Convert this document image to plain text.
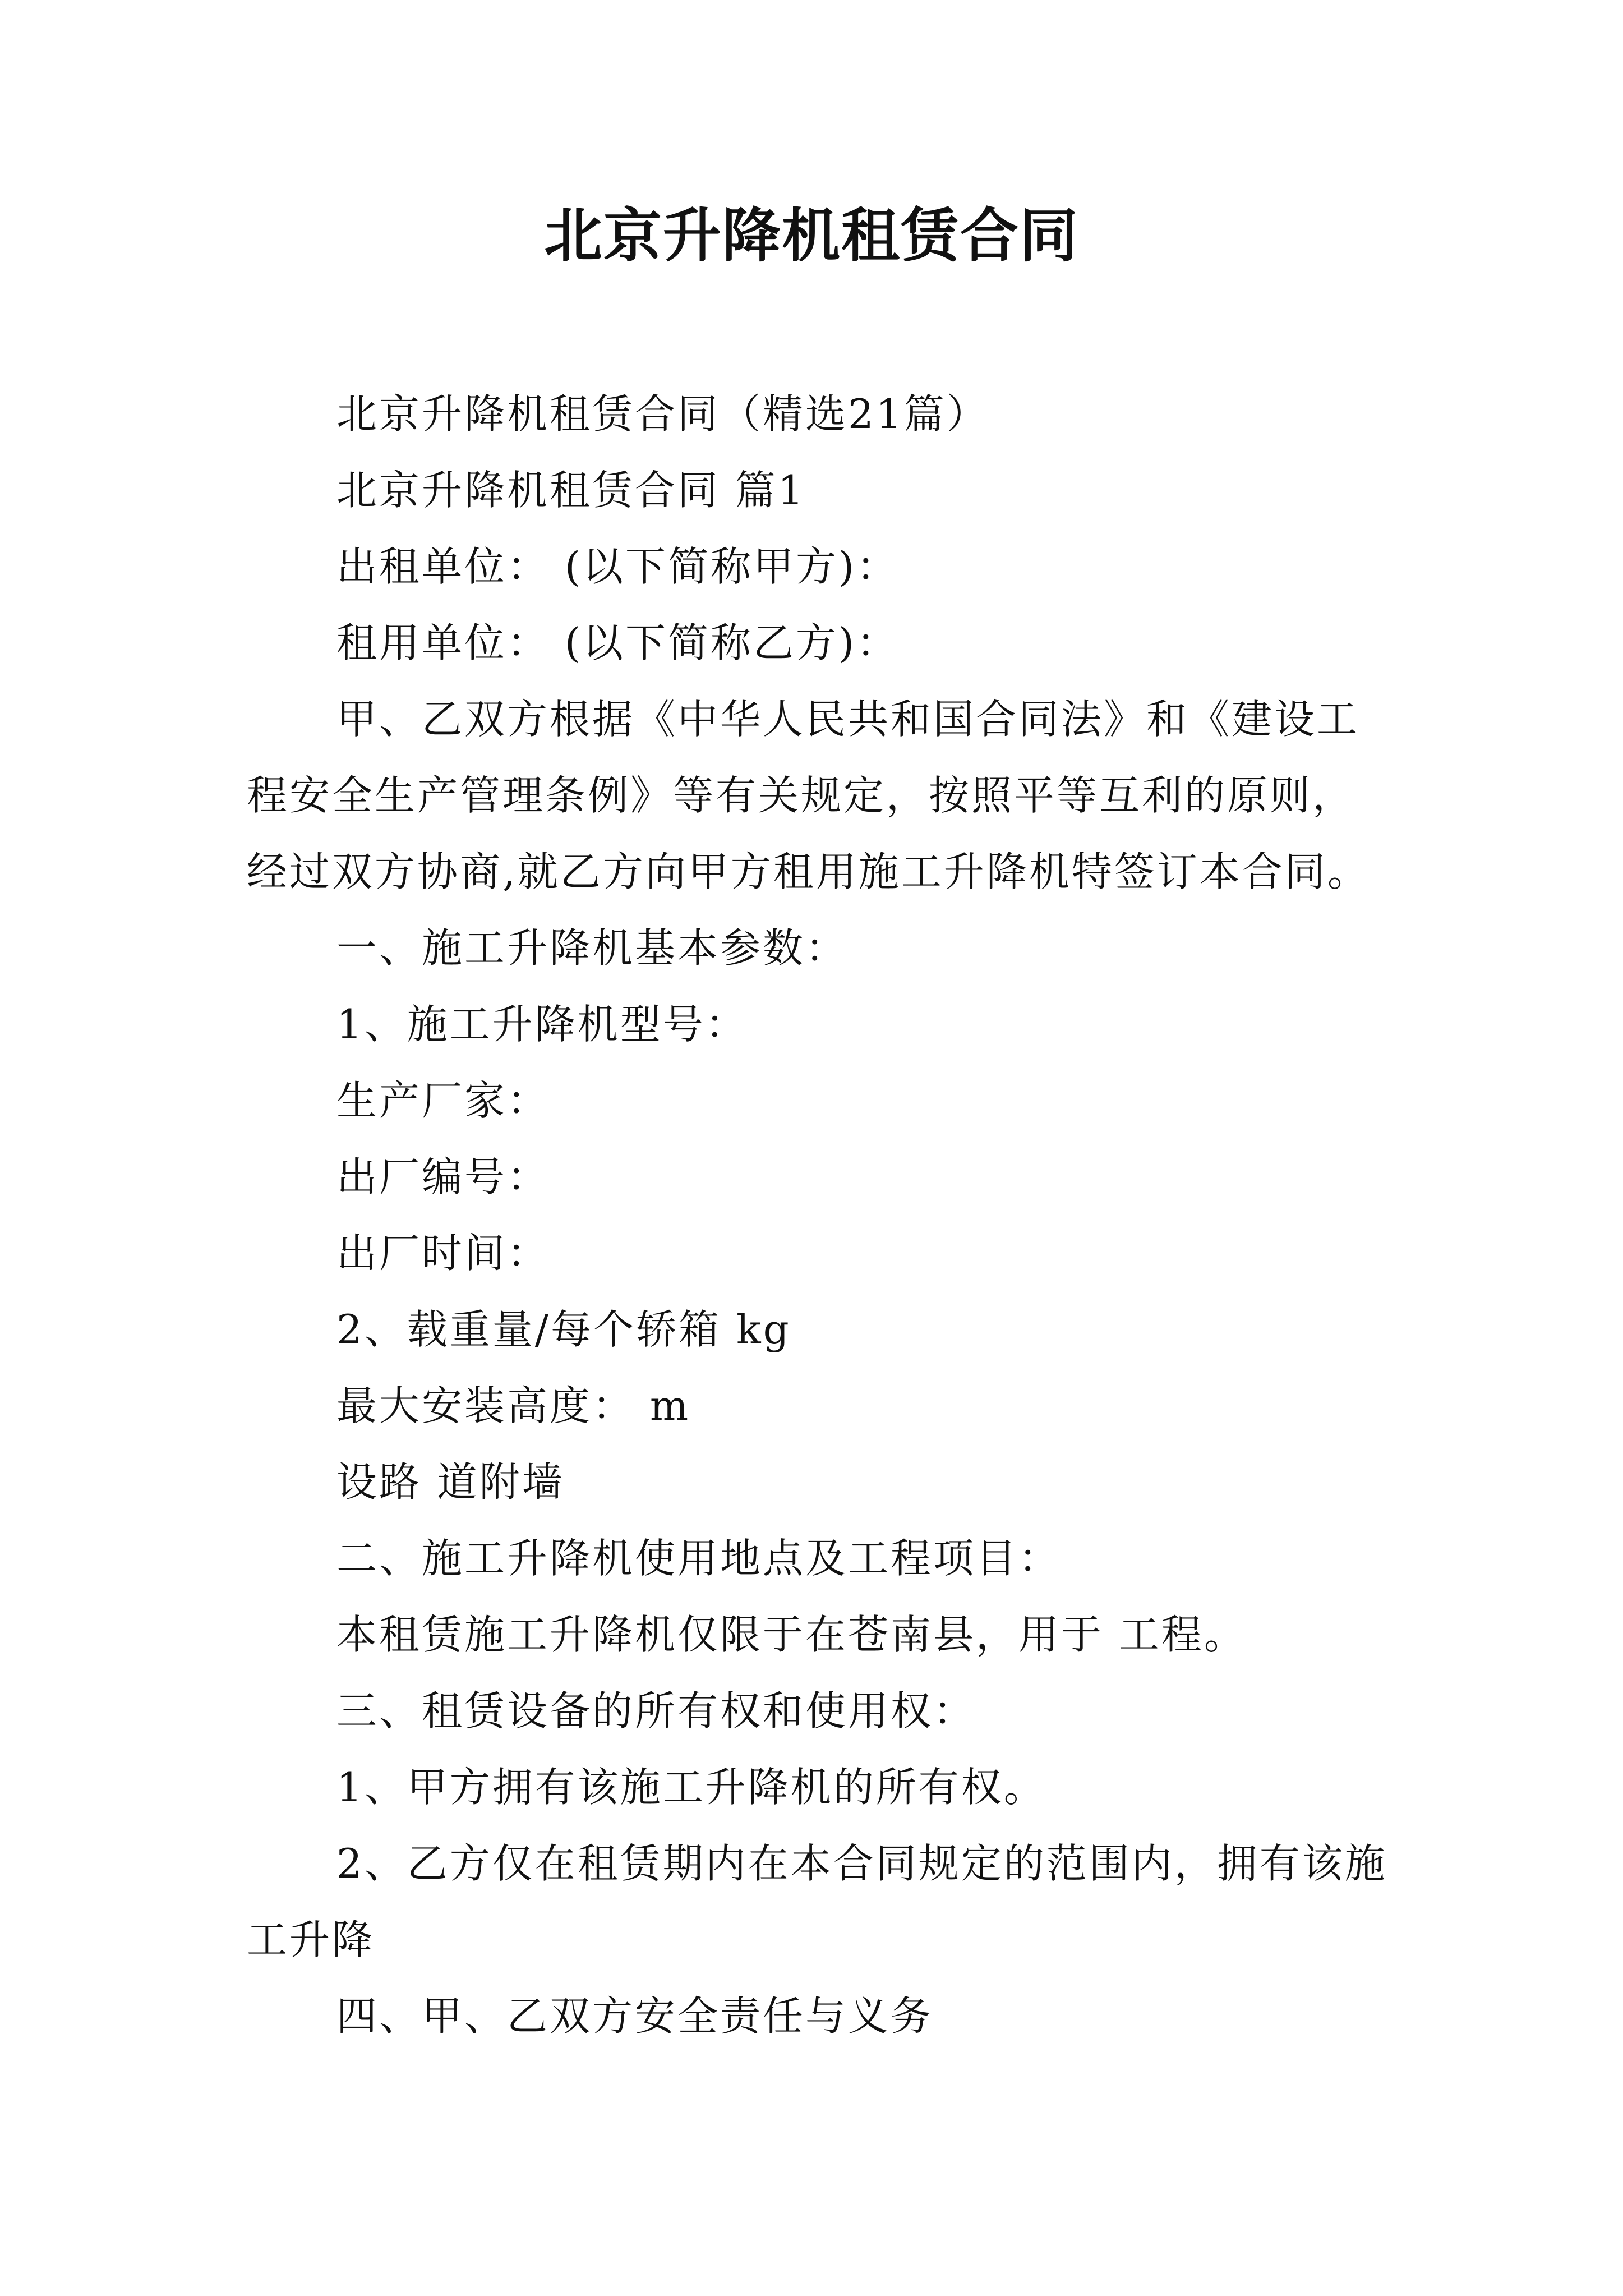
北京升降机租赁合同

北京升降机租赁合同（精选21篇）

北京升降机租赁合同 篇1

出租单位： (以下简称甲方)：

租用单位： (以下简称乙方)：

甲、乙双方根据《中华人民共和国合同法》和《建设工程安全生产管理条例》等有关规定，按照平等互利的原则，经过双方协商,就乙方向甲方租用施工升降机特签订本合同。

一、施工升降机基本参数：

1、施工升降机型号：

生产厂家：

出厂编号：

出厂时间：

2、载重量/每个轿箱 kg

最大安装高度： m

设路 道附墙

二、施工升降机使用地点及工程项目：

本租赁施工升降机仅限于在苍南县，用于 工程。

三、租赁设备的所有权和使用权：

1、甲方拥有该施工升降机的所有权。

2、乙方仅在租赁期内在本合同规定的范围内，拥有该施工升降

四、甲、乙双方安全责任与义务
